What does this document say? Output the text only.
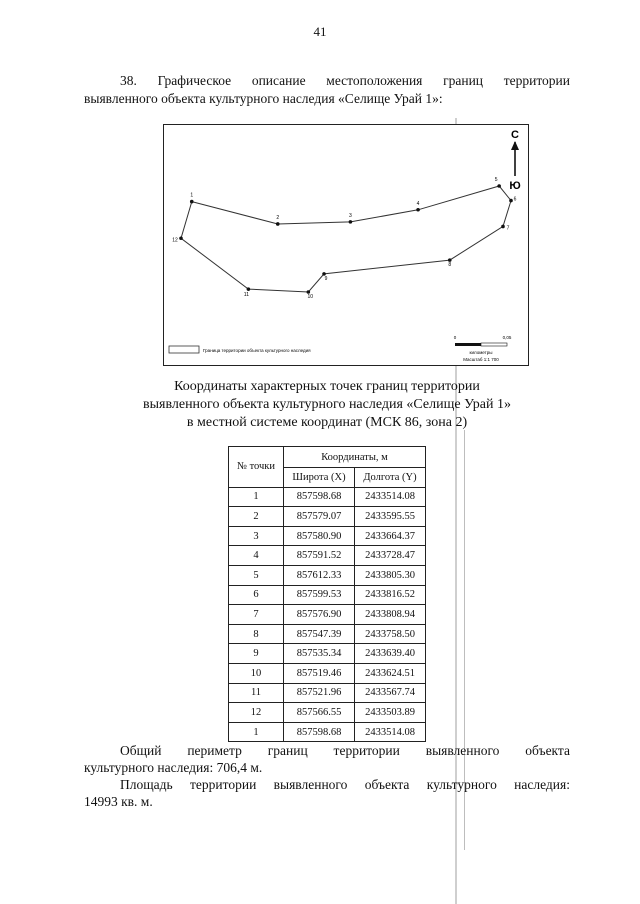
41
38. Графическое описание местоположения границ территории
выявленного объекта культурного наследия «Селище Урай 1»:
1
2	3
4
5
6
7
8
9
10
11
12
С
Ю
Граница территории объекта культурного наследия
0	0,05
километры
Масштаб 1:1 700
Координаты характерных точек границ территории
выявленного объекта культурного наследия «Селище Урай 1»
в местной системе координат (МСК 86, зона 2)
№ точки	Координаты, м	
	Широта (X)	Долгота (Y)
1	857598.68	2433514.08
2	857579.07	2433595.55
3	857580.90	2433664.37
4	857591.52	2433728.47
5	857612.33	2433805.30
6	857599.53	2433816.52
7	857576.90	2433808.94
8	857547.39	2433758.50
9	857535.34	2433639.40
10	857519.46	2433624.51
11	857521.96	2433567.74
12	857566.55	2433503.89
1	857598.68	2433514.08

Общий периметр границ территории выявленного объекта
культурного наследия: 706,4 м.

Площадь территории выявленного объекта культурного наследия:
14993 кв. м.
